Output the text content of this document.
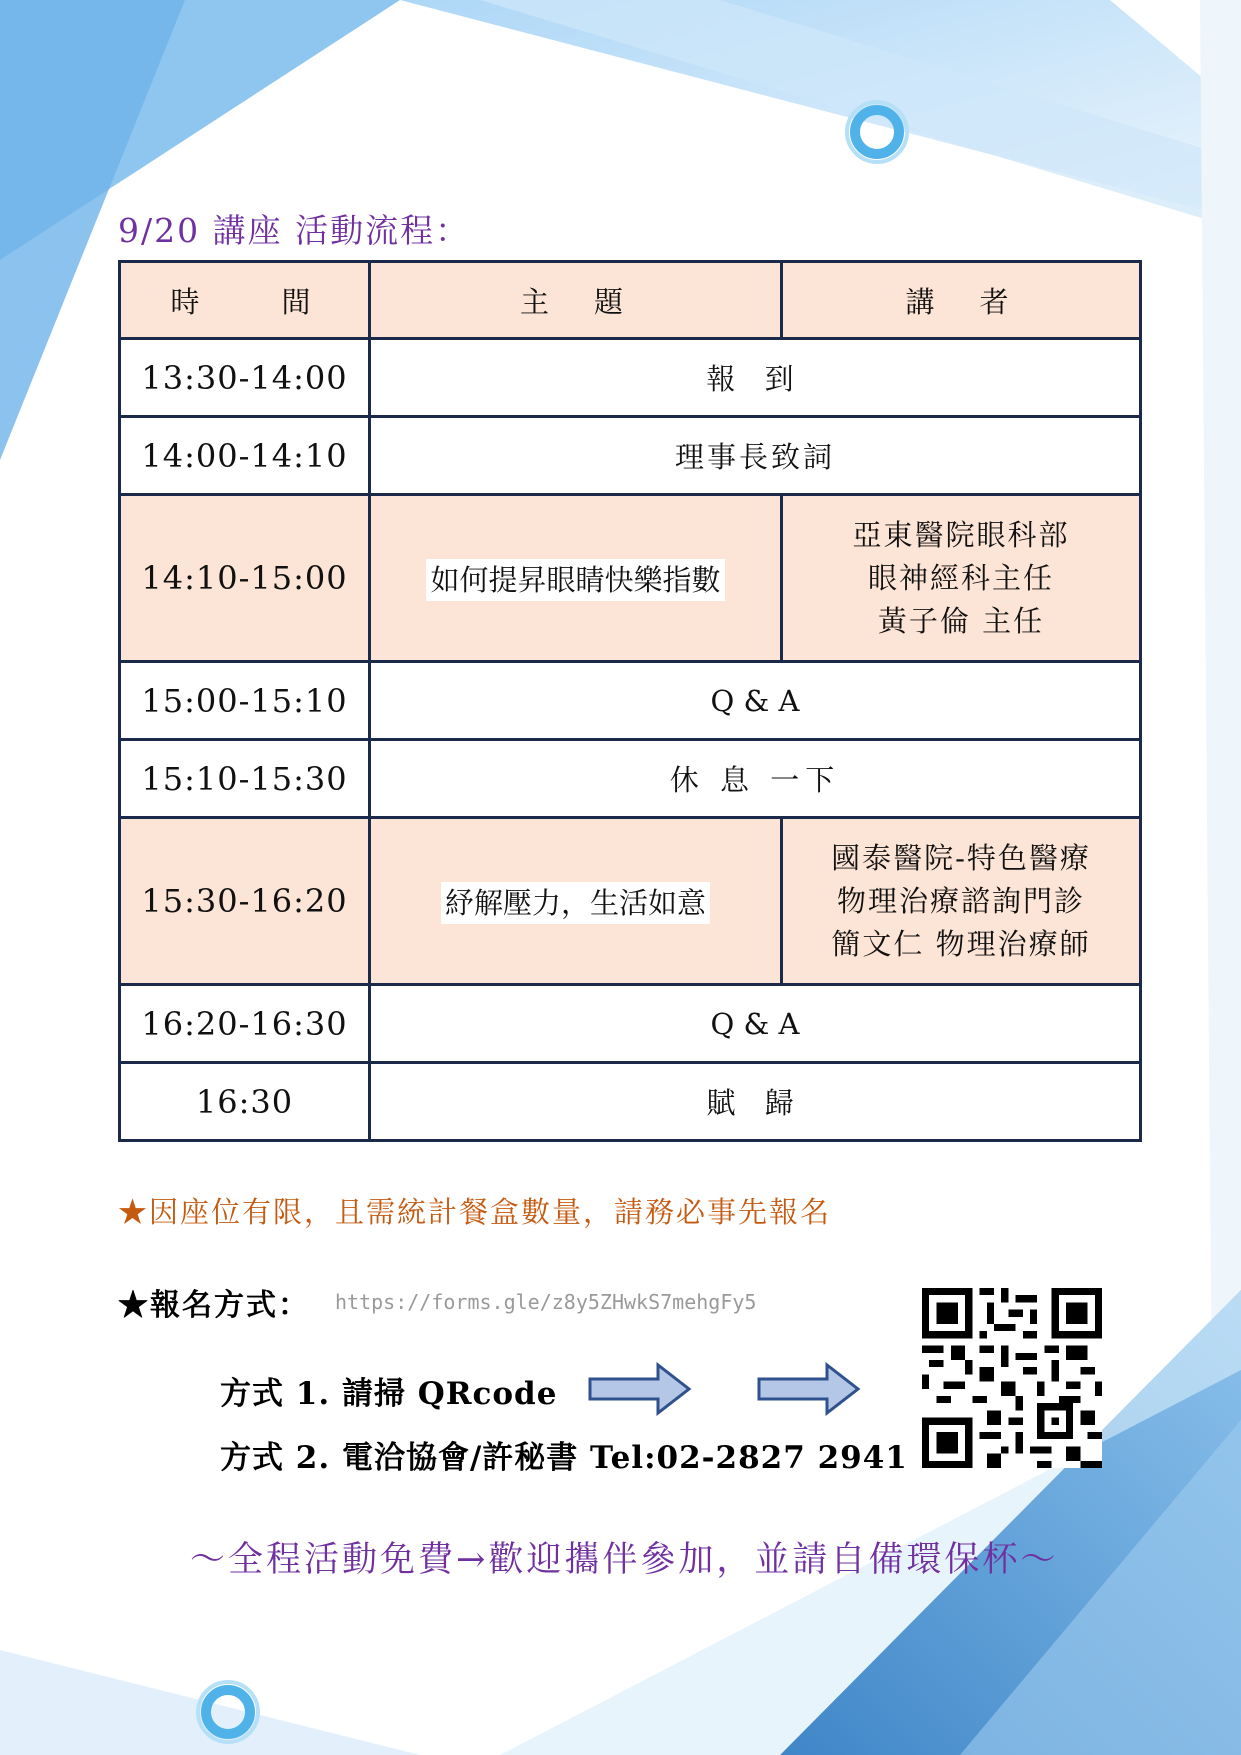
9/20 講座 活動流程：
時　　間	主　題	講　者
13:30-14:00	報 到	
14:00-14:10	理事長致詞	
14:10-15:00	如何提昇眼睛快樂指數	亞東醫院眼科部
眼神經科主任
黃子倫 主任

15:00-15:10	Q & A	
15:10-15:30	休 息 一下	
15:30-16:20	紓解壓力，生活如意	國泰醫院-特色醫療
物理治療諮詢門診
簡文仁 物理治療師

16:20-16:30	Q & A	
16:30	賦 歸	
★因座位有限，且需統計餐盒數量，請務必事先報名
★報名方式： https://forms.gle/z8y5ZHwkS7mehgFy5
方式 1. 請掃 QRcode
方式 2. 電洽協會/許秘書 Tel:02-2827 2941
～全程活動免費→歡迎攜伴參加，並請自備環保杯～
